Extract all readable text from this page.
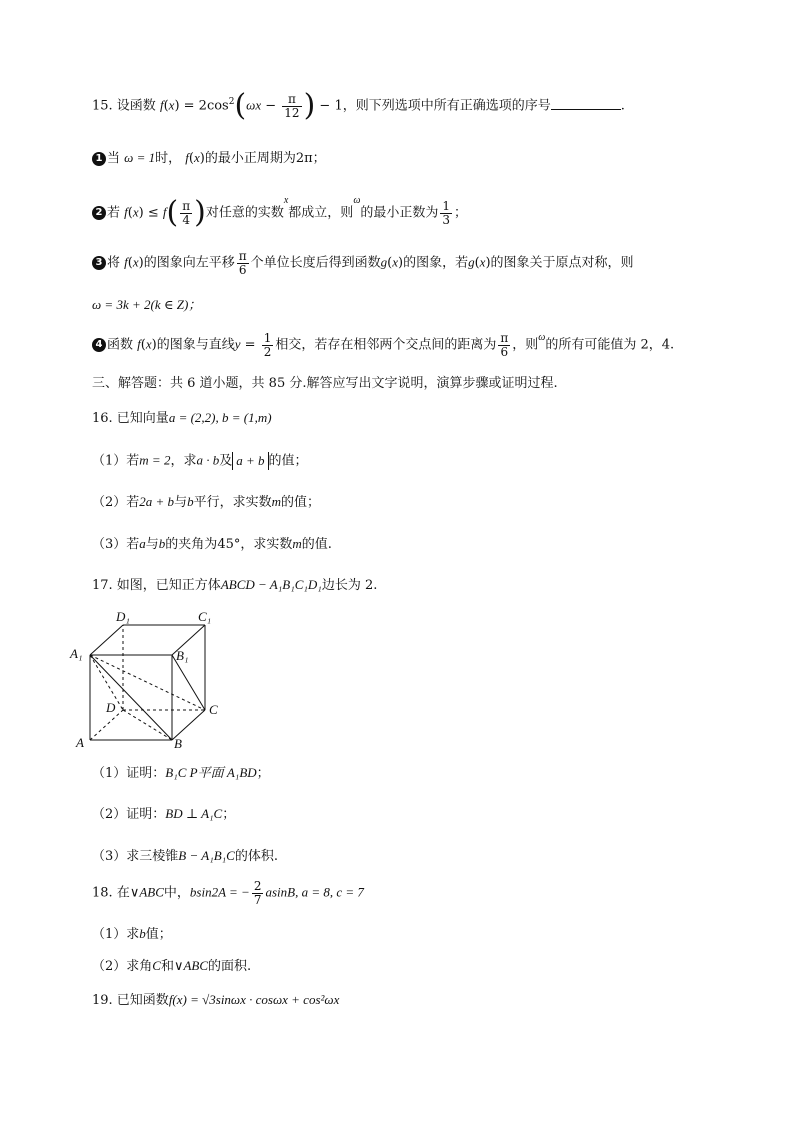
15. 设函数 $f(x) = 2\cos^2(\omega x - \frac{\pi}{12}$ ) − 1，则下列选项中所有正确选项的序号	.
1 当 ω = 1时， f(x)的最小正周期为2π；
2 若 $f(x) \le f( \frac{\pi}{4}$ )对任意的实数$^x$都成立，则$^\omega$的最小正数为 $\frac{1}{3}$ ；
3 将 f(x)的图象向左平移 $\frac{\pi}{6}$ 个单位长度后得到函数g(x)的图象，若g(x)的图象关于原点对称，则
ω = 3k + 2(k ∈ Z)；
4 函数 f(x)的图象与直线$y = \frac{1}{2}$ 相交，若存在相邻两个交点间的距离为 $\frac{\pi}{6}$ ，则$^\omega$的所有可能值为 2，4.
三、解答题：共 6 道小题，共 85 分.解答应写出文字说明，演算步骤或证明过程.
16. 已知向量a = (2,2), b = (1,m)
（1）若m = 2，求a · b及 a + b 的值；
（2）若2a + b与b平行，求实数m的值；
（3）若a与b的夹角为45°，求实数m的值.
17. 如图，已知正方体ABCD − A₁B₁C₁D₁边长为 2.
D₁	C₁
A₁	B₁
D	C
A	B
（1）证明：B₁C P平面 A₁BD；
（2）证明：BD ⊥ A₁C；
（3）求三棱锥B − A₁B₁C的体积.
18. 在∨ABC中，bsin2A = − $\frac{2}{7} asinB$, a = 8, c = 7
（1）求b值；
（2）求角C和∨ABC的面积.
19. 已知函数f(x) = √3sinωx · cosωx + cos²ωx
